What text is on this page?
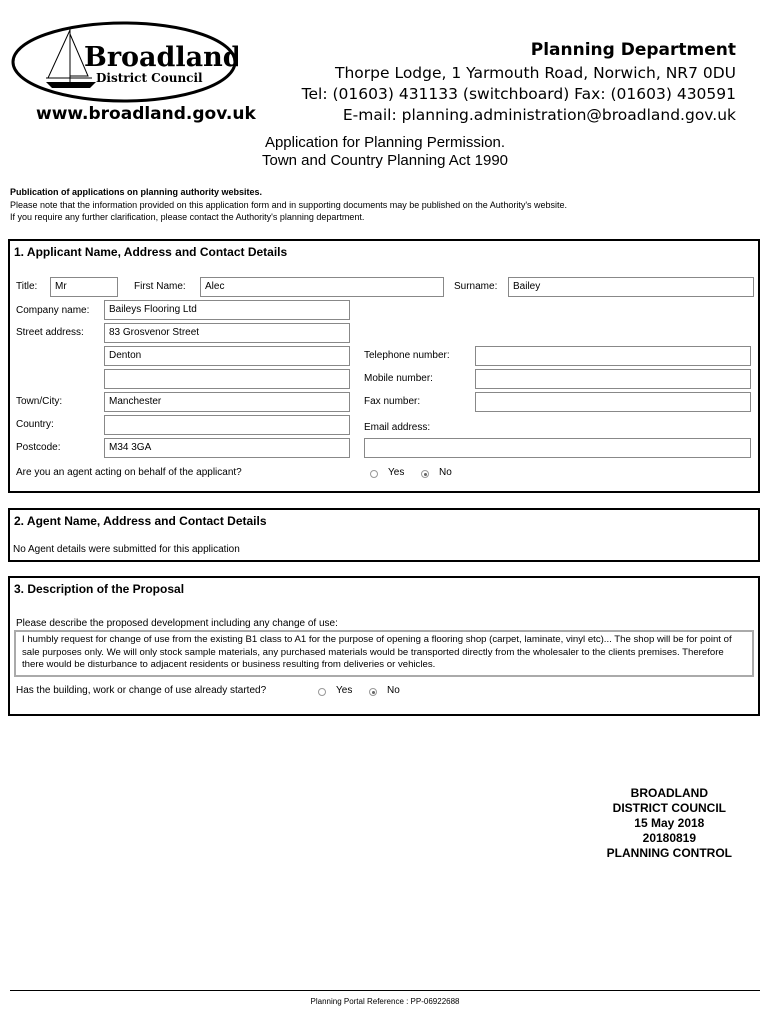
Broadland
District Council
www.broadland.gov.uk
Planning Department
Thorpe Lodge, 1 Yarmouth Road, Norwich, NR7 0DU
Tel: (01603) 431133 (switchboard) Fax: (01603) 430591
E-mail: planning.administration@broadland.gov.uk
Application for Planning Permission.
Town and Country Planning Act 1990
Publication of applications on planning authority websites.
Please note that the information provided on this application form and in supporting documents may be published on the Authority's website.
If you require any further clarification, please contact the Authority's planning department.
1. Applicant Name, Address and Contact Details
Title:	Mr	First Name:	Alec	Surname:	Bailey
Company name:	Baileys Flooring Ltd
Street address:	83 Grosvenor Street
Denton
Town/City:	Manchester
Country:
Postcode:	M34 3GA
Telephone number:
Mobile number:
Fax number:
Email address:
Are you an agent acting on behalf of the applicant?	Yes	No
2. Agent Name, Address and Contact Details
No Agent details were submitted for this application
3. Description of the Proposal
Please describe the proposed development including any change of use:
I humbly request for change of use from the existing B1 class to A1 for the purpose of opening a flooring shop (carpet, laminate, vinyl etc)... The shop will be for point of sale purposes only. We will only stock sample materials, any purchased materials would be transported directly from the wholesaler to the clients premises. Therefore there would be disturbance to adjacent residents or business resulting from deliveries or vehicles.
Has the building, work or change of use already started?	Yes	No
BROADLAND
DISTRICT COUNCIL
15 May 2018
20180819
PLANNING CONTROL
Planning Portal Reference : PP-06922688
